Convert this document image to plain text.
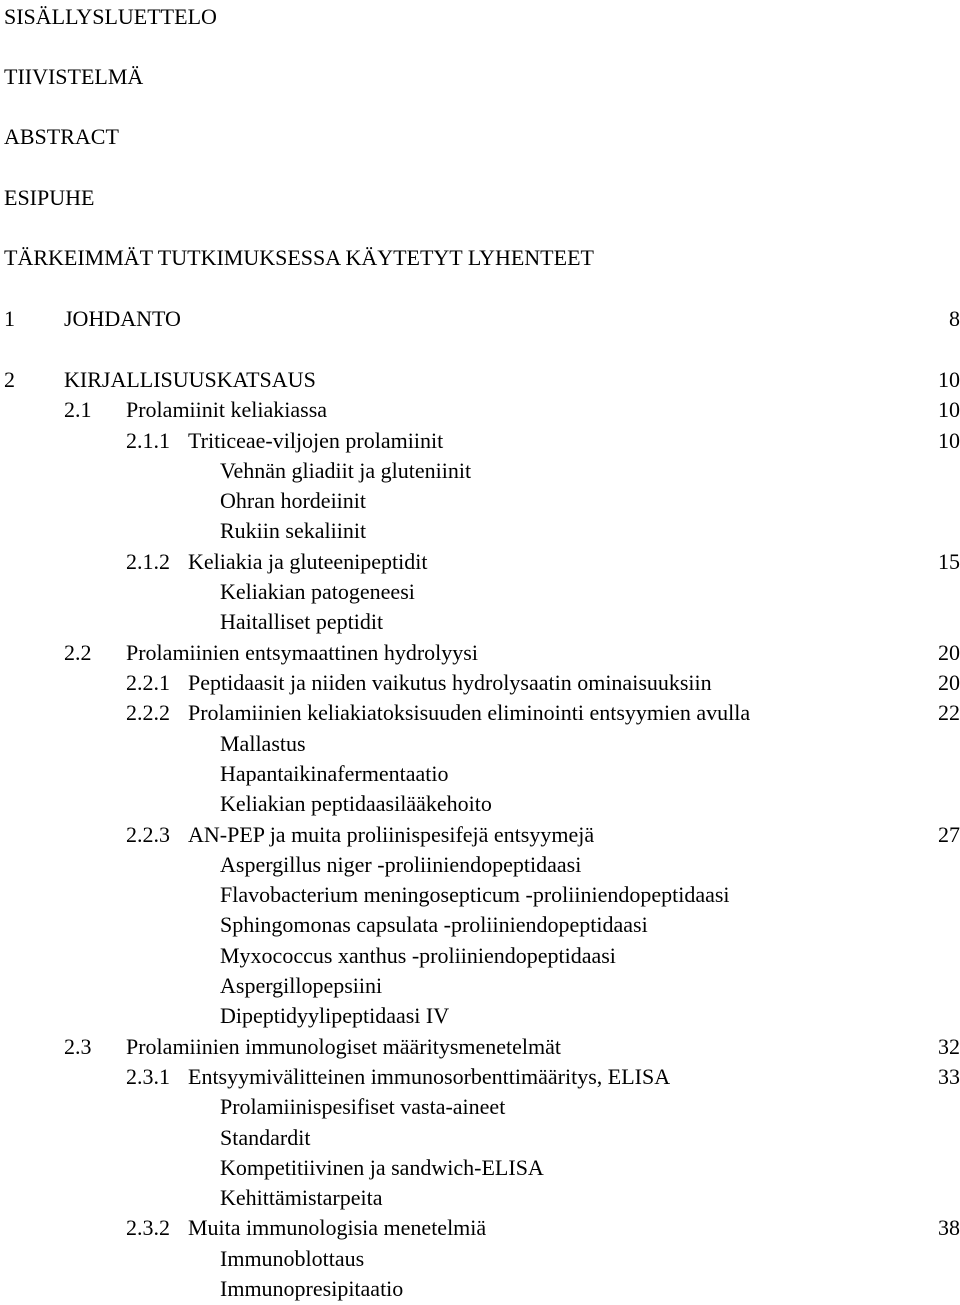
SISÄLLYSLUETTELO
TIIVISTELMÄ
ABSTRACT
ESIPUHE
TÄRKEIMMÄT TUTKIMUKSESSA KÄYTETYT LYHENTEET
1 JOHDANTO	8
2 KIRJALLISUUSKATSAUS	10
2.1 Prolamiinit keliakiassa	10
2.1.1 Triticeae-viljojen prolamiinit	10
Vehnän gliadiit ja gluteniinit
Ohran hordeiinit
Rukiin sekaliinit
2.1.2 Keliakia ja gluteenipeptidit	15
Keliakian patogeneesi
Haitalliset peptidit
2.2 Prolamiinien entsymaattinen hydrolyysi	20
2.2.1 Peptidaasit ja niiden vaikutus hydrolysaatin ominaisuuksiin	20
2.2.2 Prolamiinien keliakiatoksisuuden eliminointi entsyymien avulla	22
Mallastus
Hapantaikinafermentaatio
Keliakian peptidaasilääkehoito
2.2.3 AN-PEP ja muita proliinispesifejä entsyymejä	27
Aspergillus niger -proliiniendopeptidaasi
Flavobacterium meningosepticum -proliiniendopeptidaasi
Sphingomonas capsulata -proliiniendopeptidaasi
Myxococcus xanthus -proliiniendopeptidaasi
Aspergillopepsiini
Dipeptidyylipeptidaasi IV
2.3 Prolamiinien immunologiset määritysmenetelmät	32
2.3.1 Entsyymivälitteinen immunosorbenttimääritys, ELISA	33
Prolamiinispesifiset vasta-aineet
Standardit
Kompetitiivinen ja sandwich-ELISA
Kehittämistarpeita
2.3.2 Muita immunologisia menetelmiä	38
Immunoblottaus
Immunopresipitaatio
